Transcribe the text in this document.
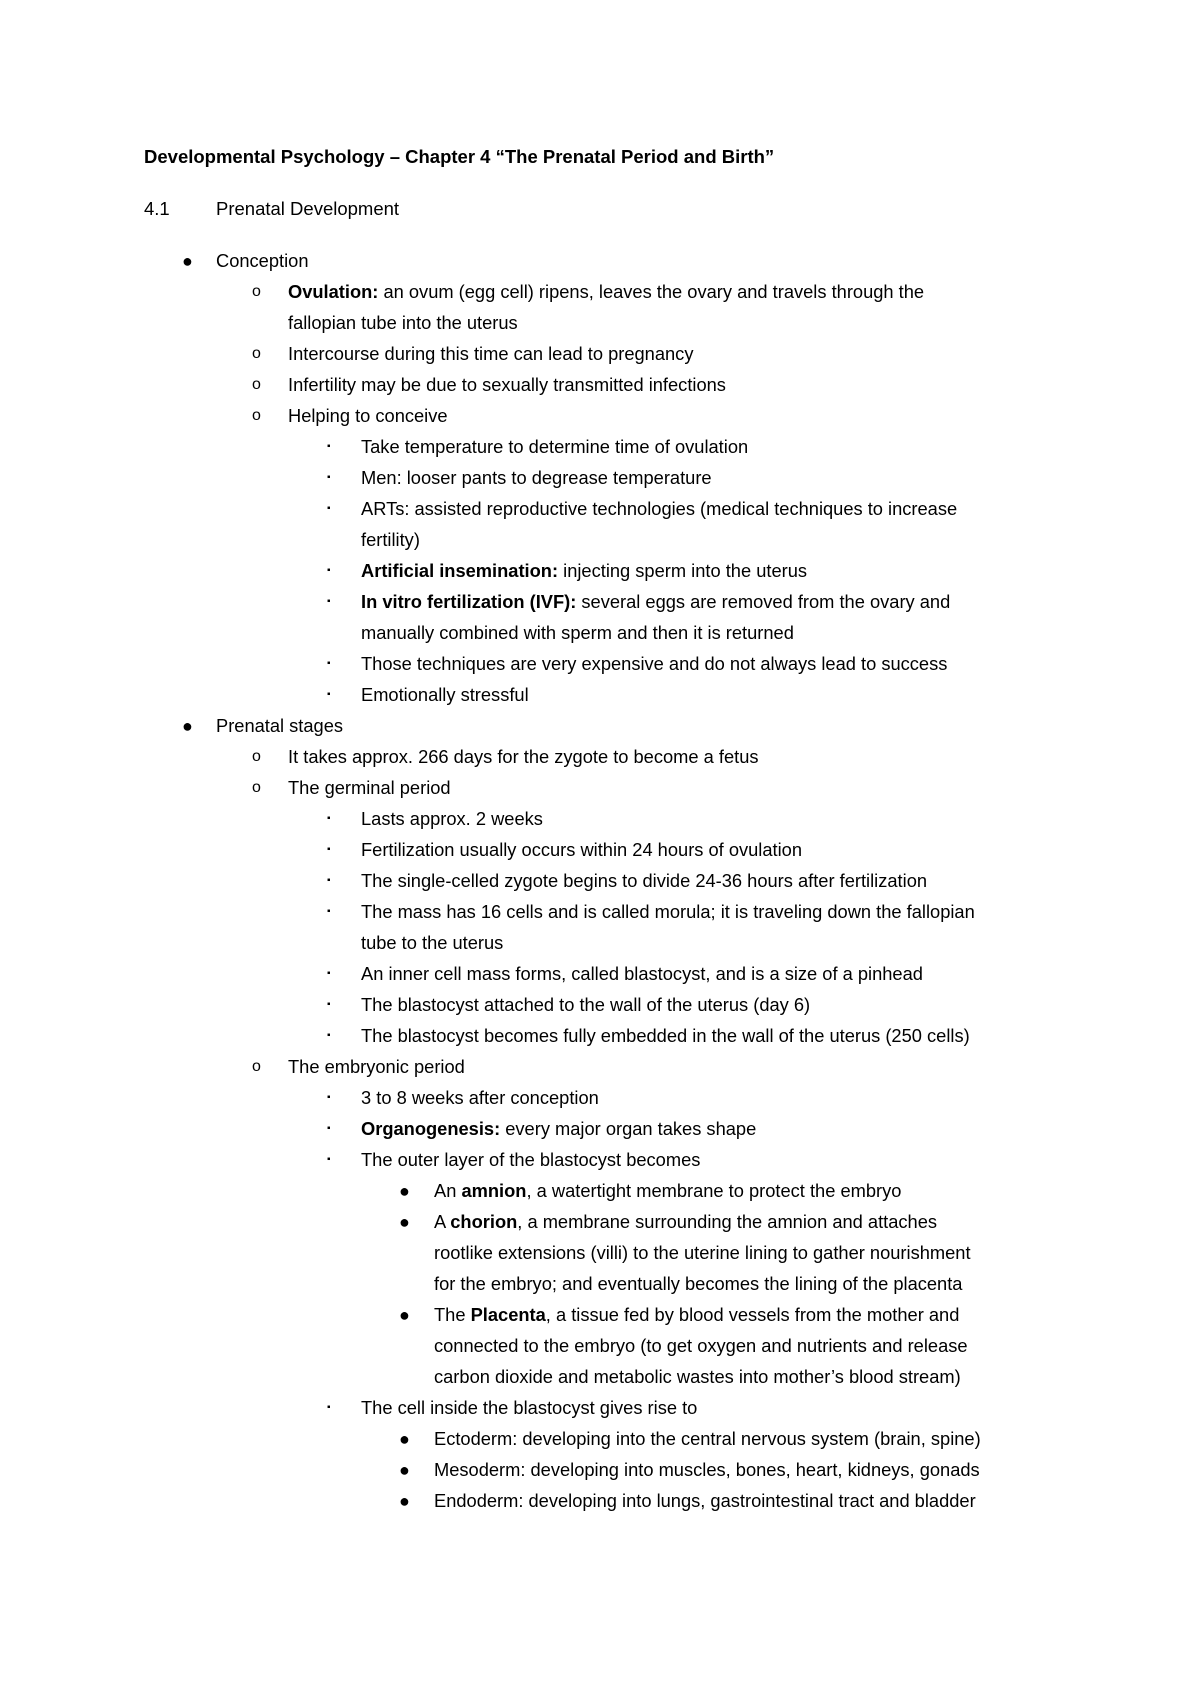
Developmental Psychology – Chapter 4 “The Prenatal Period and Birth”
4.1	Prenatal Development
● Conception
o Ovulation: an ovum (egg cell) ripens, leaves the ovary and travels through the
fallopian tube into the uterus
o Intercourse during this time can lead to pregnancy
o Infertility may be due to sexually transmitted infections
o Helping to conceive
▪ Take temperature to determine time of ovulation
▪ Men: looser pants to degrease temperature
▪ ARTs: assisted reproductive technologies (medical techniques to increase
fertility)
▪ Artificial insemination: injecting sperm into the uterus
▪ In vitro fertilization (IVF): several eggs are removed from the ovary and
manually combined with sperm and then it is returned
▪ Those techniques are very expensive and do not always lead to success
▪ Emotionally stressful
● Prenatal stages
o It takes approx. 266 days for the zygote to become a fetus
o The germinal period
▪ Lasts approx. 2 weeks
▪ Fertilization usually occurs within 24 hours of ovulation
▪ The single-celled zygote begins to divide 24-36 hours after fertilization
▪ The mass has 16 cells and is called morula; it is traveling down the fallopian
tube to the uterus
▪ An inner cell mass forms, called blastocyst, and is a size of a pinhead
▪ The blastocyst attached to the wall of the uterus (day 6)
▪ The blastocyst becomes fully embedded in the wall of the uterus (250 cells)
o The embryonic period
▪ 3 to 8 weeks after conception
▪ Organogenesis: every major organ takes shape
▪ The outer layer of the blastocyst becomes
● An amnion, a watertight membrane to protect the embryo
● A chorion, a membrane surrounding the amnion and attaches
rootlike extensions (villi) to the uterine lining to gather nourishment
for the embryo; and eventually becomes the lining of the placenta
● The Placenta, a tissue fed by blood vessels from the mother and
connected to the embryo (to get oxygen and nutrients and release
carbon dioxide and metabolic wastes into mother’s blood stream)
▪ The cell inside the blastocyst gives rise to
● Ectoderm: developing into the central nervous system (brain, spine)
● Mesoderm: developing into muscles, bones, heart, kidneys, gonads
● Endoderm: developing into lungs, gastrointestinal tract and bladder
